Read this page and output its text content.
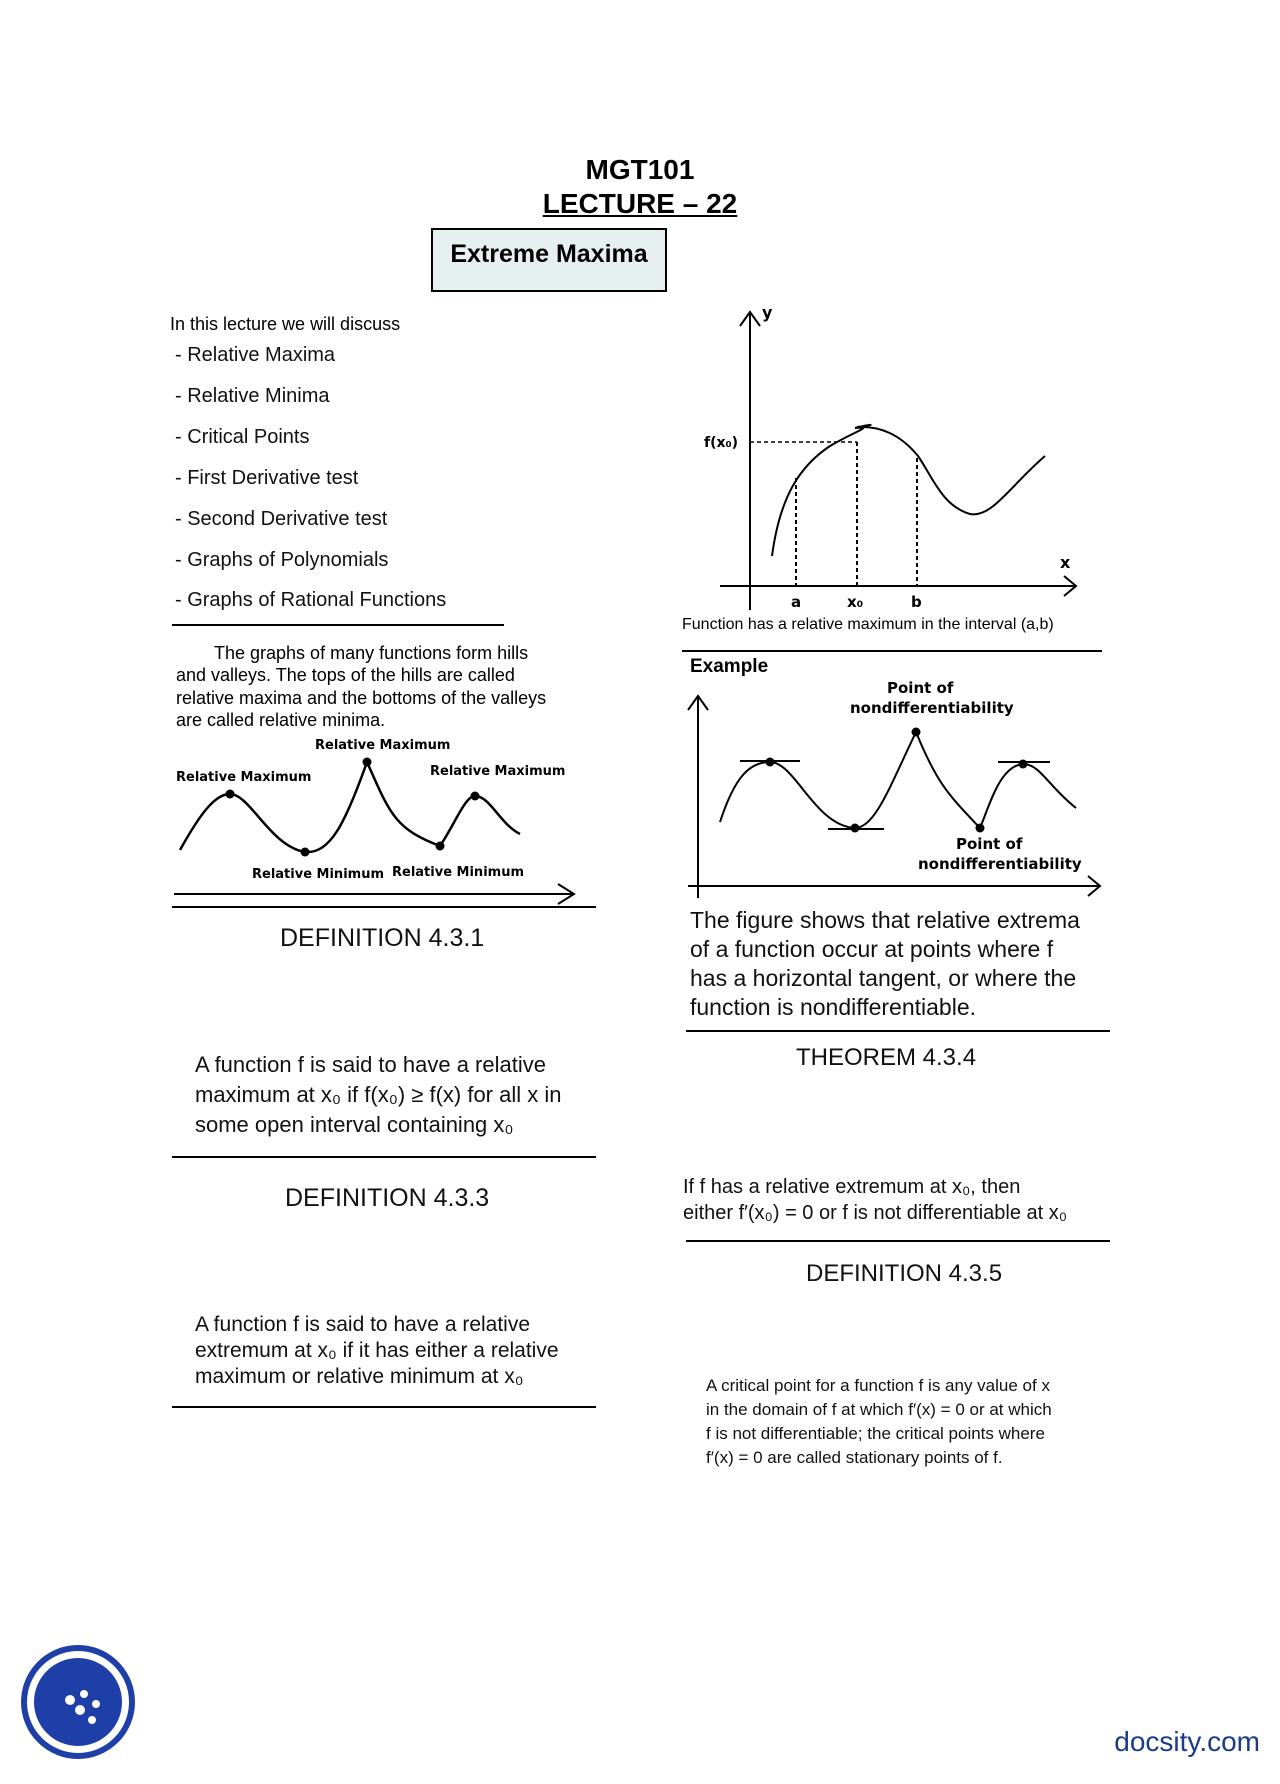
MGT101
LECTURE – 22
Extreme Maxima
In this lecture we will discuss
- Relative Maxima
- Relative Minima
- Critical Points
- First Derivative test
- Second Derivative test
- Graphs of Polynomials
- Graphs of Rational Functions
The graphs of many functions form hills
and valleys. The tops of the hills are called
relative maxima and the bottoms of the valleys
are called relative minima.
Relative Maximum
Relative Maximum
Relative Maximum
Relative Minimum Relative Minimum
DEFINITION 4.3.1
A function f is said to have a relative
maximum at x₀ if f(x₀) ≥ f(x) for all x in
some open interval containing x₀
DEFINITION 4.3.3
A function f is said to have a relative
extremum at x₀ if it has either a relative
maximum or relative minimum at x₀
y
x
f(x₀)
a	x₀	b
Function has a relative maximum in the interval (a,b)
Example
Point of
nondifferentiability
Point of
nondifferentiability
The figure shows that relative extrema
of a function occur at points where f
has a horizontal tangent, or where the
function is nondifferentiable.
THEOREM 4.3.4
If f has a relative extremum at x₀, then
either f′(x₀) = 0 or f is not differentiable at x₀
DEFINITION 4.3.5
A critical point for a function f is any value of x
in the domain of f at which f′(x) = 0 or at which
f is not differentiable; the critical points where
f′(x) = 0 are called stationary points of f.
docsity.com
